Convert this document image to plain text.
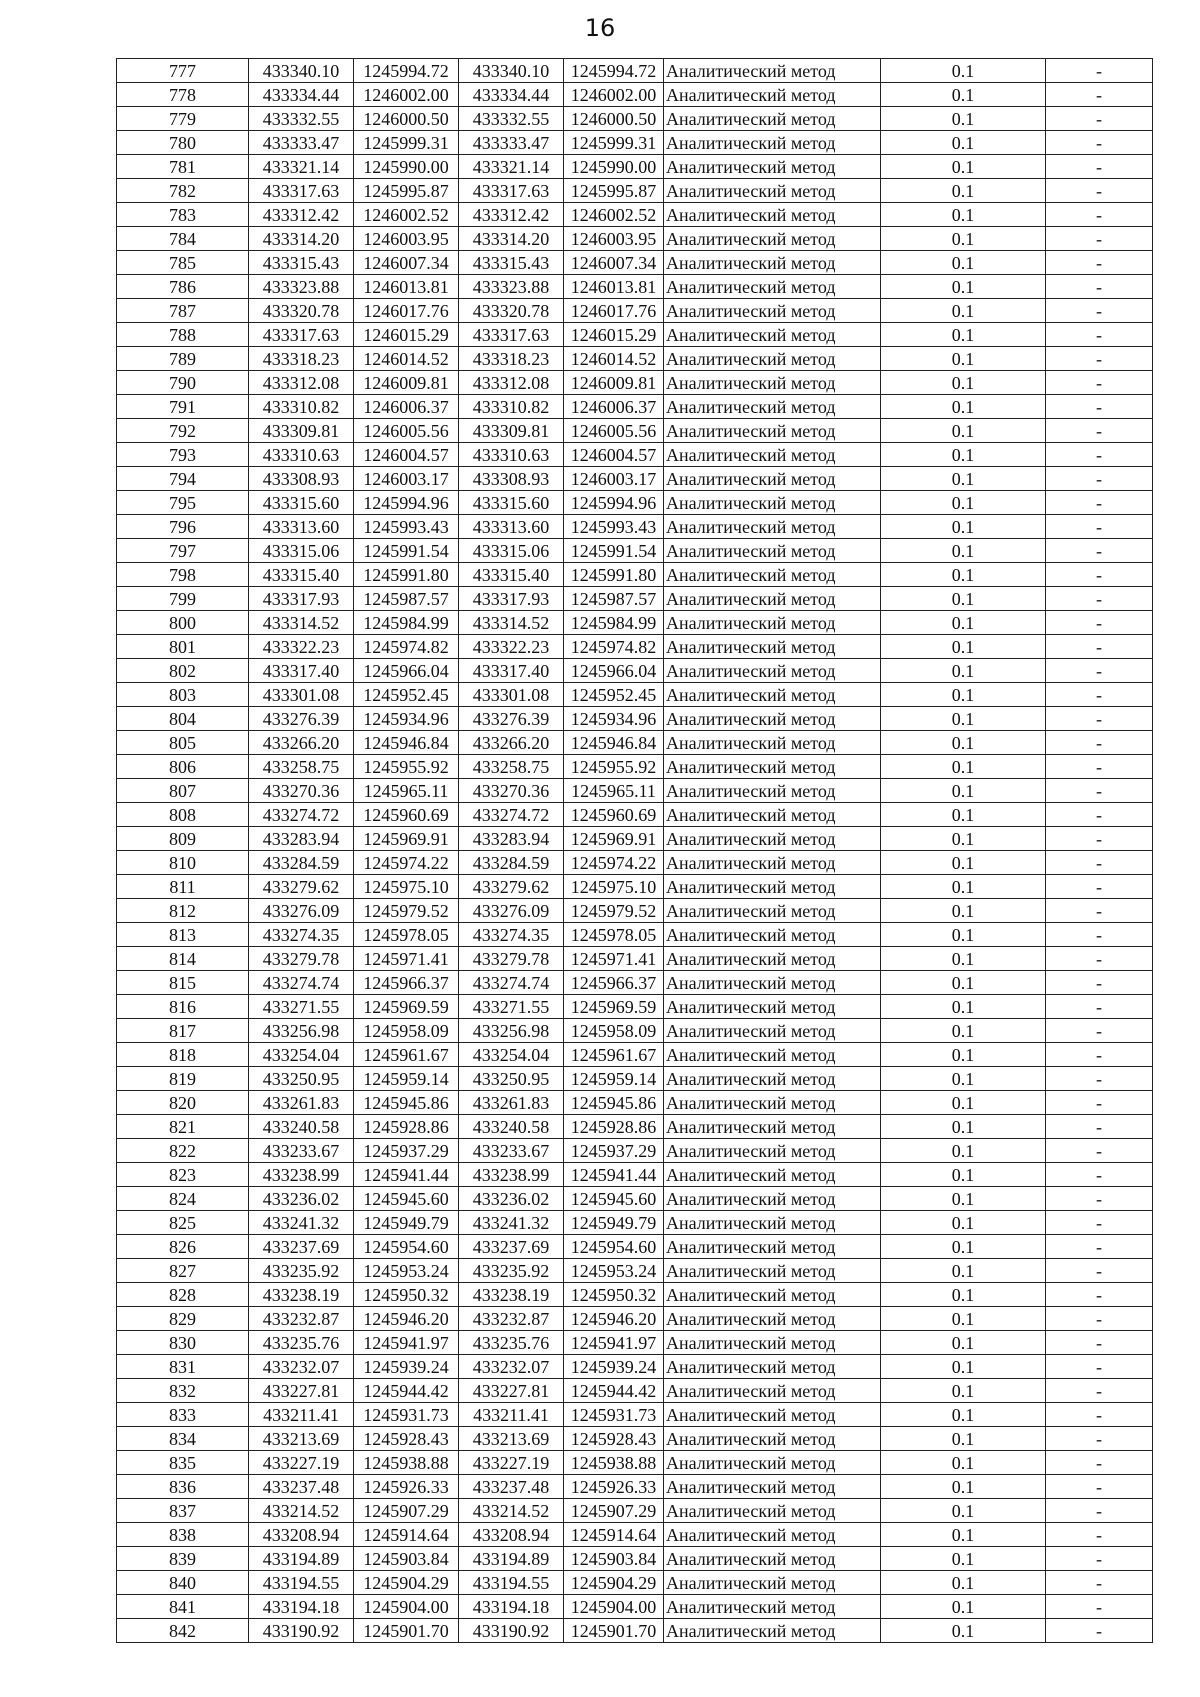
16
777	433340.10	1245994.72	433340.10	1245994.72	Аналитический метод	0.1	-
778	433334.44	1246002.00	433334.44	1246002.00	Аналитический метод	0.1	-
779	433332.55	1246000.50	433332.55	1246000.50	Аналитический метод	0.1	-
780	433333.47	1245999.31	433333.47	1245999.31	Аналитический метод	0.1	-
781	433321.14	1245990.00	433321.14	1245990.00	Аналитический метод	0.1	-
782	433317.63	1245995.87	433317.63	1245995.87	Аналитический метод	0.1	-
783	433312.42	1246002.52	433312.42	1246002.52	Аналитический метод	0.1	-
784	433314.20	1246003.95	433314.20	1246003.95	Аналитический метод	0.1	-
785	433315.43	1246007.34	433315.43	1246007.34	Аналитический метод	0.1	-
786	433323.88	1246013.81	433323.88	1246013.81	Аналитический метод	0.1	-
787	433320.78	1246017.76	433320.78	1246017.76	Аналитический метод	0.1	-
788	433317.63	1246015.29	433317.63	1246015.29	Аналитический метод	0.1	-
789	433318.23	1246014.52	433318.23	1246014.52	Аналитический метод	0.1	-
790	433312.08	1246009.81	433312.08	1246009.81	Аналитический метод	0.1	-
791	433310.82	1246006.37	433310.82	1246006.37	Аналитический метод	0.1	-
792	433309.81	1246005.56	433309.81	1246005.56	Аналитический метод	0.1	-
793	433310.63	1246004.57	433310.63	1246004.57	Аналитический метод	0.1	-
794	433308.93	1246003.17	433308.93	1246003.17	Аналитический метод	0.1	-
795	433315.60	1245994.96	433315.60	1245994.96	Аналитический метод	0.1	-
796	433313.60	1245993.43	433313.60	1245993.43	Аналитический метод	0.1	-
797	433315.06	1245991.54	433315.06	1245991.54	Аналитический метод	0.1	-
798	433315.40	1245991.80	433315.40	1245991.80	Аналитический метод	0.1	-
799	433317.93	1245987.57	433317.93	1245987.57	Аналитический метод	0.1	-
800	433314.52	1245984.99	433314.52	1245984.99	Аналитический метод	0.1	-
801	433322.23	1245974.82	433322.23	1245974.82	Аналитический метод	0.1	-
802	433317.40	1245966.04	433317.40	1245966.04	Аналитический метод	0.1	-
803	433301.08	1245952.45	433301.08	1245952.45	Аналитический метод	0.1	-
804	433276.39	1245934.96	433276.39	1245934.96	Аналитический метод	0.1	-
805	433266.20	1245946.84	433266.20	1245946.84	Аналитический метод	0.1	-
806	433258.75	1245955.92	433258.75	1245955.92	Аналитический метод	0.1	-
807	433270.36	1245965.11	433270.36	1245965.11	Аналитический метод	0.1	-
808	433274.72	1245960.69	433274.72	1245960.69	Аналитический метод	0.1	-
809	433283.94	1245969.91	433283.94	1245969.91	Аналитический метод	0.1	-
810	433284.59	1245974.22	433284.59	1245974.22	Аналитический метод	0.1	-
811	433279.62	1245975.10	433279.62	1245975.10	Аналитический метод	0.1	-
812	433276.09	1245979.52	433276.09	1245979.52	Аналитический метод	0.1	-
813	433274.35	1245978.05	433274.35	1245978.05	Аналитический метод	0.1	-
814	433279.78	1245971.41	433279.78	1245971.41	Аналитический метод	0.1	-
815	433274.74	1245966.37	433274.74	1245966.37	Аналитический метод	0.1	-
816	433271.55	1245969.59	433271.55	1245969.59	Аналитический метод	0.1	-
817	433256.98	1245958.09	433256.98	1245958.09	Аналитический метод	0.1	-
818	433254.04	1245961.67	433254.04	1245961.67	Аналитический метод	0.1	-
819	433250.95	1245959.14	433250.95	1245959.14	Аналитический метод	0.1	-
820	433261.83	1245945.86	433261.83	1245945.86	Аналитический метод	0.1	-
821	433240.58	1245928.86	433240.58	1245928.86	Аналитический метод	0.1	-
822	433233.67	1245937.29	433233.67	1245937.29	Аналитический метод	0.1	-
823	433238.99	1245941.44	433238.99	1245941.44	Аналитический метод	0.1	-
824	433236.02	1245945.60	433236.02	1245945.60	Аналитический метод	0.1	-
825	433241.32	1245949.79	433241.32	1245949.79	Аналитический метод	0.1	-
826	433237.69	1245954.60	433237.69	1245954.60	Аналитический метод	0.1	-
827	433235.92	1245953.24	433235.92	1245953.24	Аналитический метод	0.1	-
828	433238.19	1245950.32	433238.19	1245950.32	Аналитический метод	0.1	-
829	433232.87	1245946.20	433232.87	1245946.20	Аналитический метод	0.1	-
830	433235.76	1245941.97	433235.76	1245941.97	Аналитический метод	0.1	-
831	433232.07	1245939.24	433232.07	1245939.24	Аналитический метод	0.1	-
832	433227.81	1245944.42	433227.81	1245944.42	Аналитический метод	0.1	-
833	433211.41	1245931.73	433211.41	1245931.73	Аналитический метод	0.1	-
834	433213.69	1245928.43	433213.69	1245928.43	Аналитический метод	0.1	-
835	433227.19	1245938.88	433227.19	1245938.88	Аналитический метод	0.1	-
836	433237.48	1245926.33	433237.48	1245926.33	Аналитический метод	0.1	-
837	433214.52	1245907.29	433214.52	1245907.29	Аналитический метод	0.1	-
838	433208.94	1245914.64	433208.94	1245914.64	Аналитический метод	0.1	-
839	433194.89	1245903.84	433194.89	1245903.84	Аналитический метод	0.1	-
840	433194.55	1245904.29	433194.55	1245904.29	Аналитический метод	0.1	-
841	433194.18	1245904.00	433194.18	1245904.00	Аналитический метод	0.1	-
842	433190.92	1245901.70	433190.92	1245901.70	Аналитический метод	0.1	-
